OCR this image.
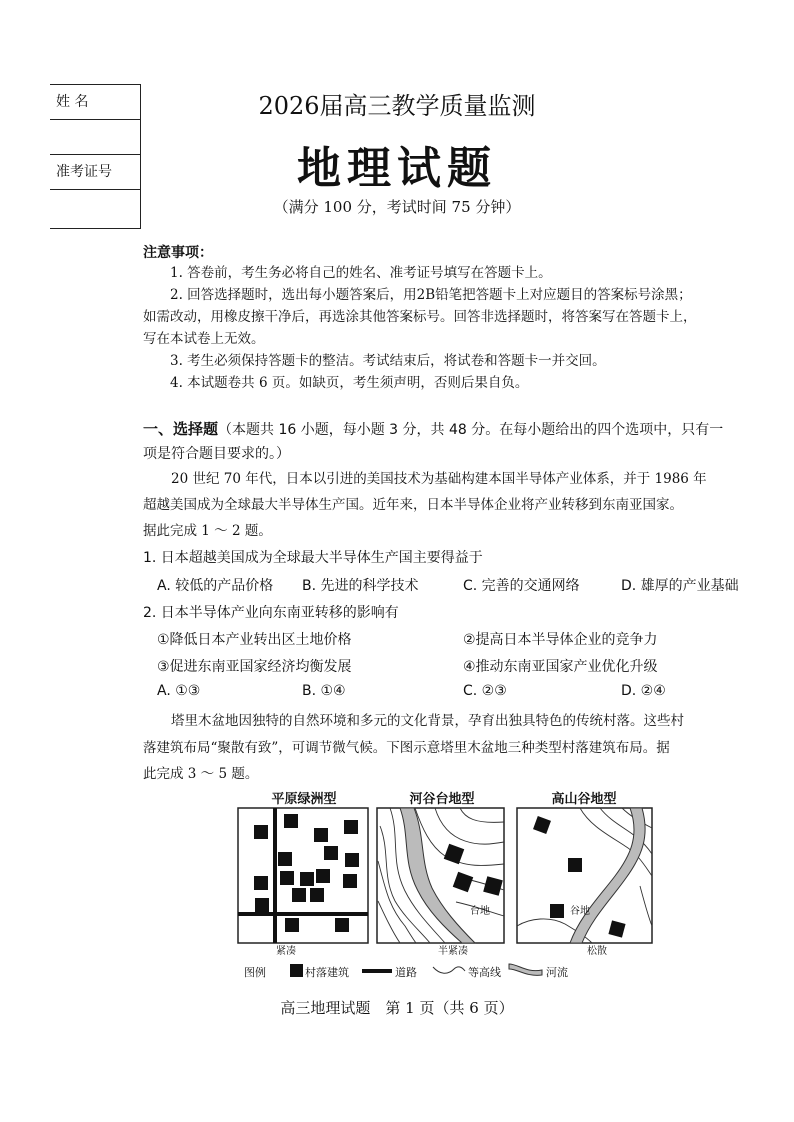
姓 名
准考证号
2026届高三教学质量监测
地理试题
（满分 100 分，考试时间 75 分钟）
注意事项：
1. 答卷前，考生务必将自己的姓名、准考证号填写在答题卡上。
2. 回答选择题时，选出每小题答案后，用2B铅笔把答题卡上对应题目的答案标号涂黑；
如需改动，用橡皮擦干净后，再选涂其他答案标号。回答非选择题时，将答案写在答题卡上，
写在本试卷上无效。
3. 考生必须保持答题卡的整洁。考试结束后，将试卷和答题卡一并交回。
4. 本试题卷共 6 页。如缺页，考生须声明，否则后果自负。
一、选择题（本题共 16 小题，每小题 3 分，共 48 分。在每小题给出的四个选项中，只有一
项是符合题目要求的。）
20 世纪 70 年代，日本以引进的美国技术为基础构建本国半导体产业体系，并于 1986 年
超越美国成为全球最大半导体生产国。近年来，日本半导体企业将产业转移到东南亚国家。
据此完成 1 ～ 2 题。
1. 日本超越美国成为全球最大半导体生产国主要得益于
A. 较低的产品价格 B. 先进的科学技术	C. 完善的交通网络	D. 雄厚的产业基础
2. 日本半导体产业向东南亚转移的影响有
①降低日本产业转出区土地价格	②提高日本半导体企业的竞争力
③促进东南亚国家经济均衡发展	④推动东南亚国家产业优化升级
A. ①③	B. ①④	C. ②③	D. ②④
塔里木盆地因独特的自然环境和多元的文化背景，孕育出独具特色的传统村落。这些村
落建筑布局“聚散有致”，可调节微气候。下图示意塔里木盆地三种类型村落建筑布局。据
此完成 3 ～ 5 题。
平原绿洲型	河谷台地型	高山谷地型
台地	谷地
紧凑	半紧凑	松散
图例	村落建筑	道路	等高线	河流
高三地理试题　第 1 页（共 6 页）
